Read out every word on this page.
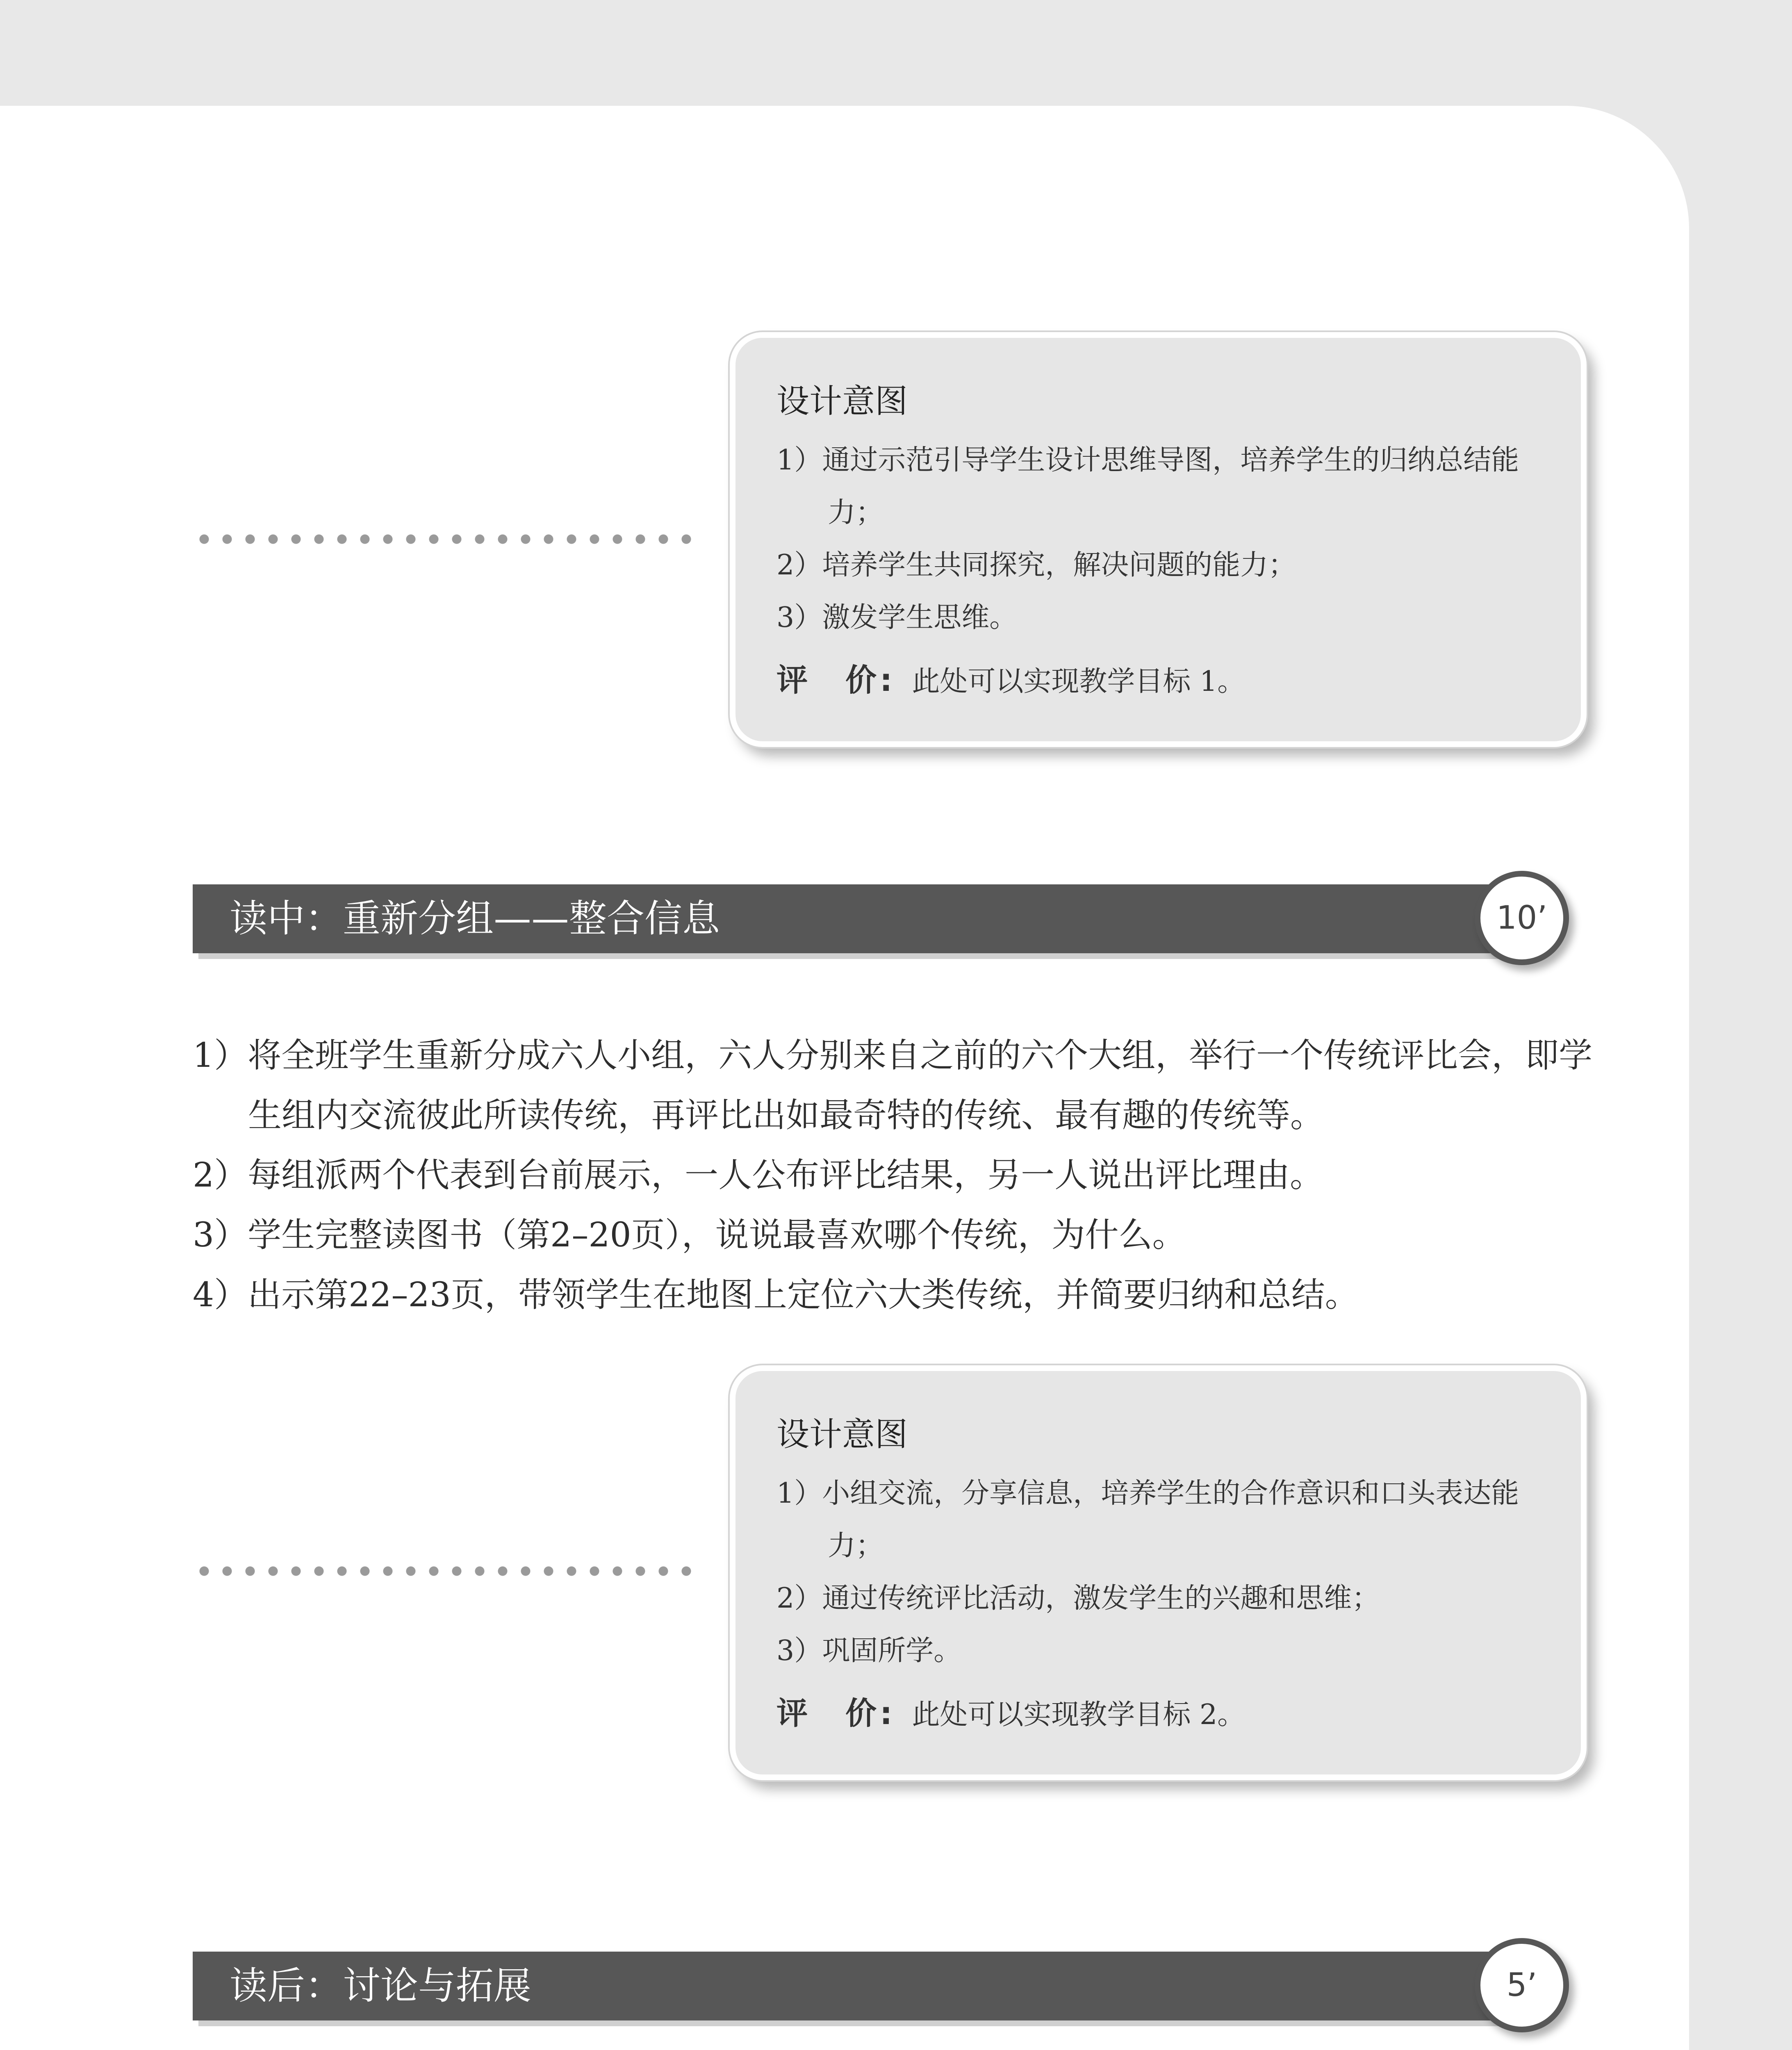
设计意图
1）通过示范引导学生设计思维导图，培养学生的归纳总结能力；
2）培养学生共同探究，解决问题的能力；
3）激发学生思维。
评　价: 此处可以实现教学目标 1。
读中：重新分组——整合信息	10’
1）将全班学生重新分成六人小组，六人分别来自之前的六个大组，举行一个传统评比会，即学生组内交流彼此所读传统，再评比出如最奇特的传统、最有趣的传统等。
2）每组派两个代表到台前展示，一人公布评比结果，另一人说出评比理由。
3）学生完整读图书（第2–20页），说说最喜欢哪个传统，为什么。
4）出示第22–23页，带领学生在地图上定位六大类传统，并简要归纳和总结。
设计意图
1）小组交流，分享信息，培养学生的合作意识和口头表达能力；
2）通过传统评比活动，激发学生的兴趣和思维；
3）巩固所学。
评　价: 此处可以实现教学目标 2。
读后：讨论与拓展	5’
